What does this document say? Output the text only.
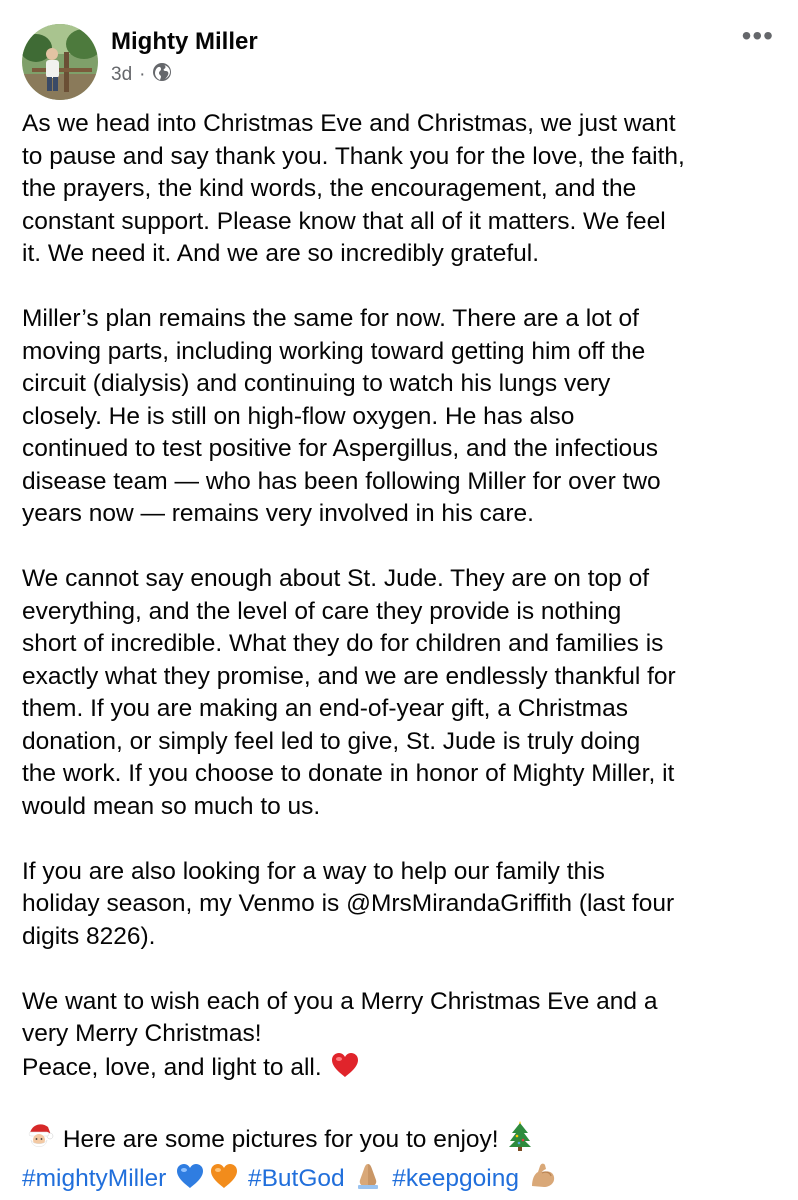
Mighty Miller
3d ·
•••
As we head into Christmas Eve and Christmas, we just want
to pause and say thank you. Thank you for the love, the faith,
the prayers, the kind words, the encouragement, and the
constant support. Please know that all of it matters. We feel
it. We need it. And we are so incredibly grateful.
Miller’s plan remains the same for now. There are a lot of
moving parts, including working toward getting him off the
circuit (dialysis) and continuing to watch his lungs very
closely. He is still on high-flow oxygen. He has also
continued to test positive for Aspergillus, and the infectious
disease team — who has been following Miller for over two
years now — remains very involved in his care.
We cannot say enough about St. Jude. They are on top of
everything, and the level of care they provide is nothing
short of incredible. What they do for children and families is
exactly what they promise, and we are endlessly thankful for
them. If you are making an end-of-year gift, a Christmas
donation, or simply feel led to give, St. Jude is truly doing
the work. If you choose to donate in honor of Mighty Miller, it
would mean so much to us.
If you are also looking for a way to help our family this
holiday season, my Venmo is @MrsMirandaGriffith (last four
digits 8226).
We want to wish each of you a Merry Christmas Eve and a
very Merry Christmas!
Peace, love, and light to all.
Here are some pictures for you to enjoy!
#mightyMiller	#ButGod #keepgoing
